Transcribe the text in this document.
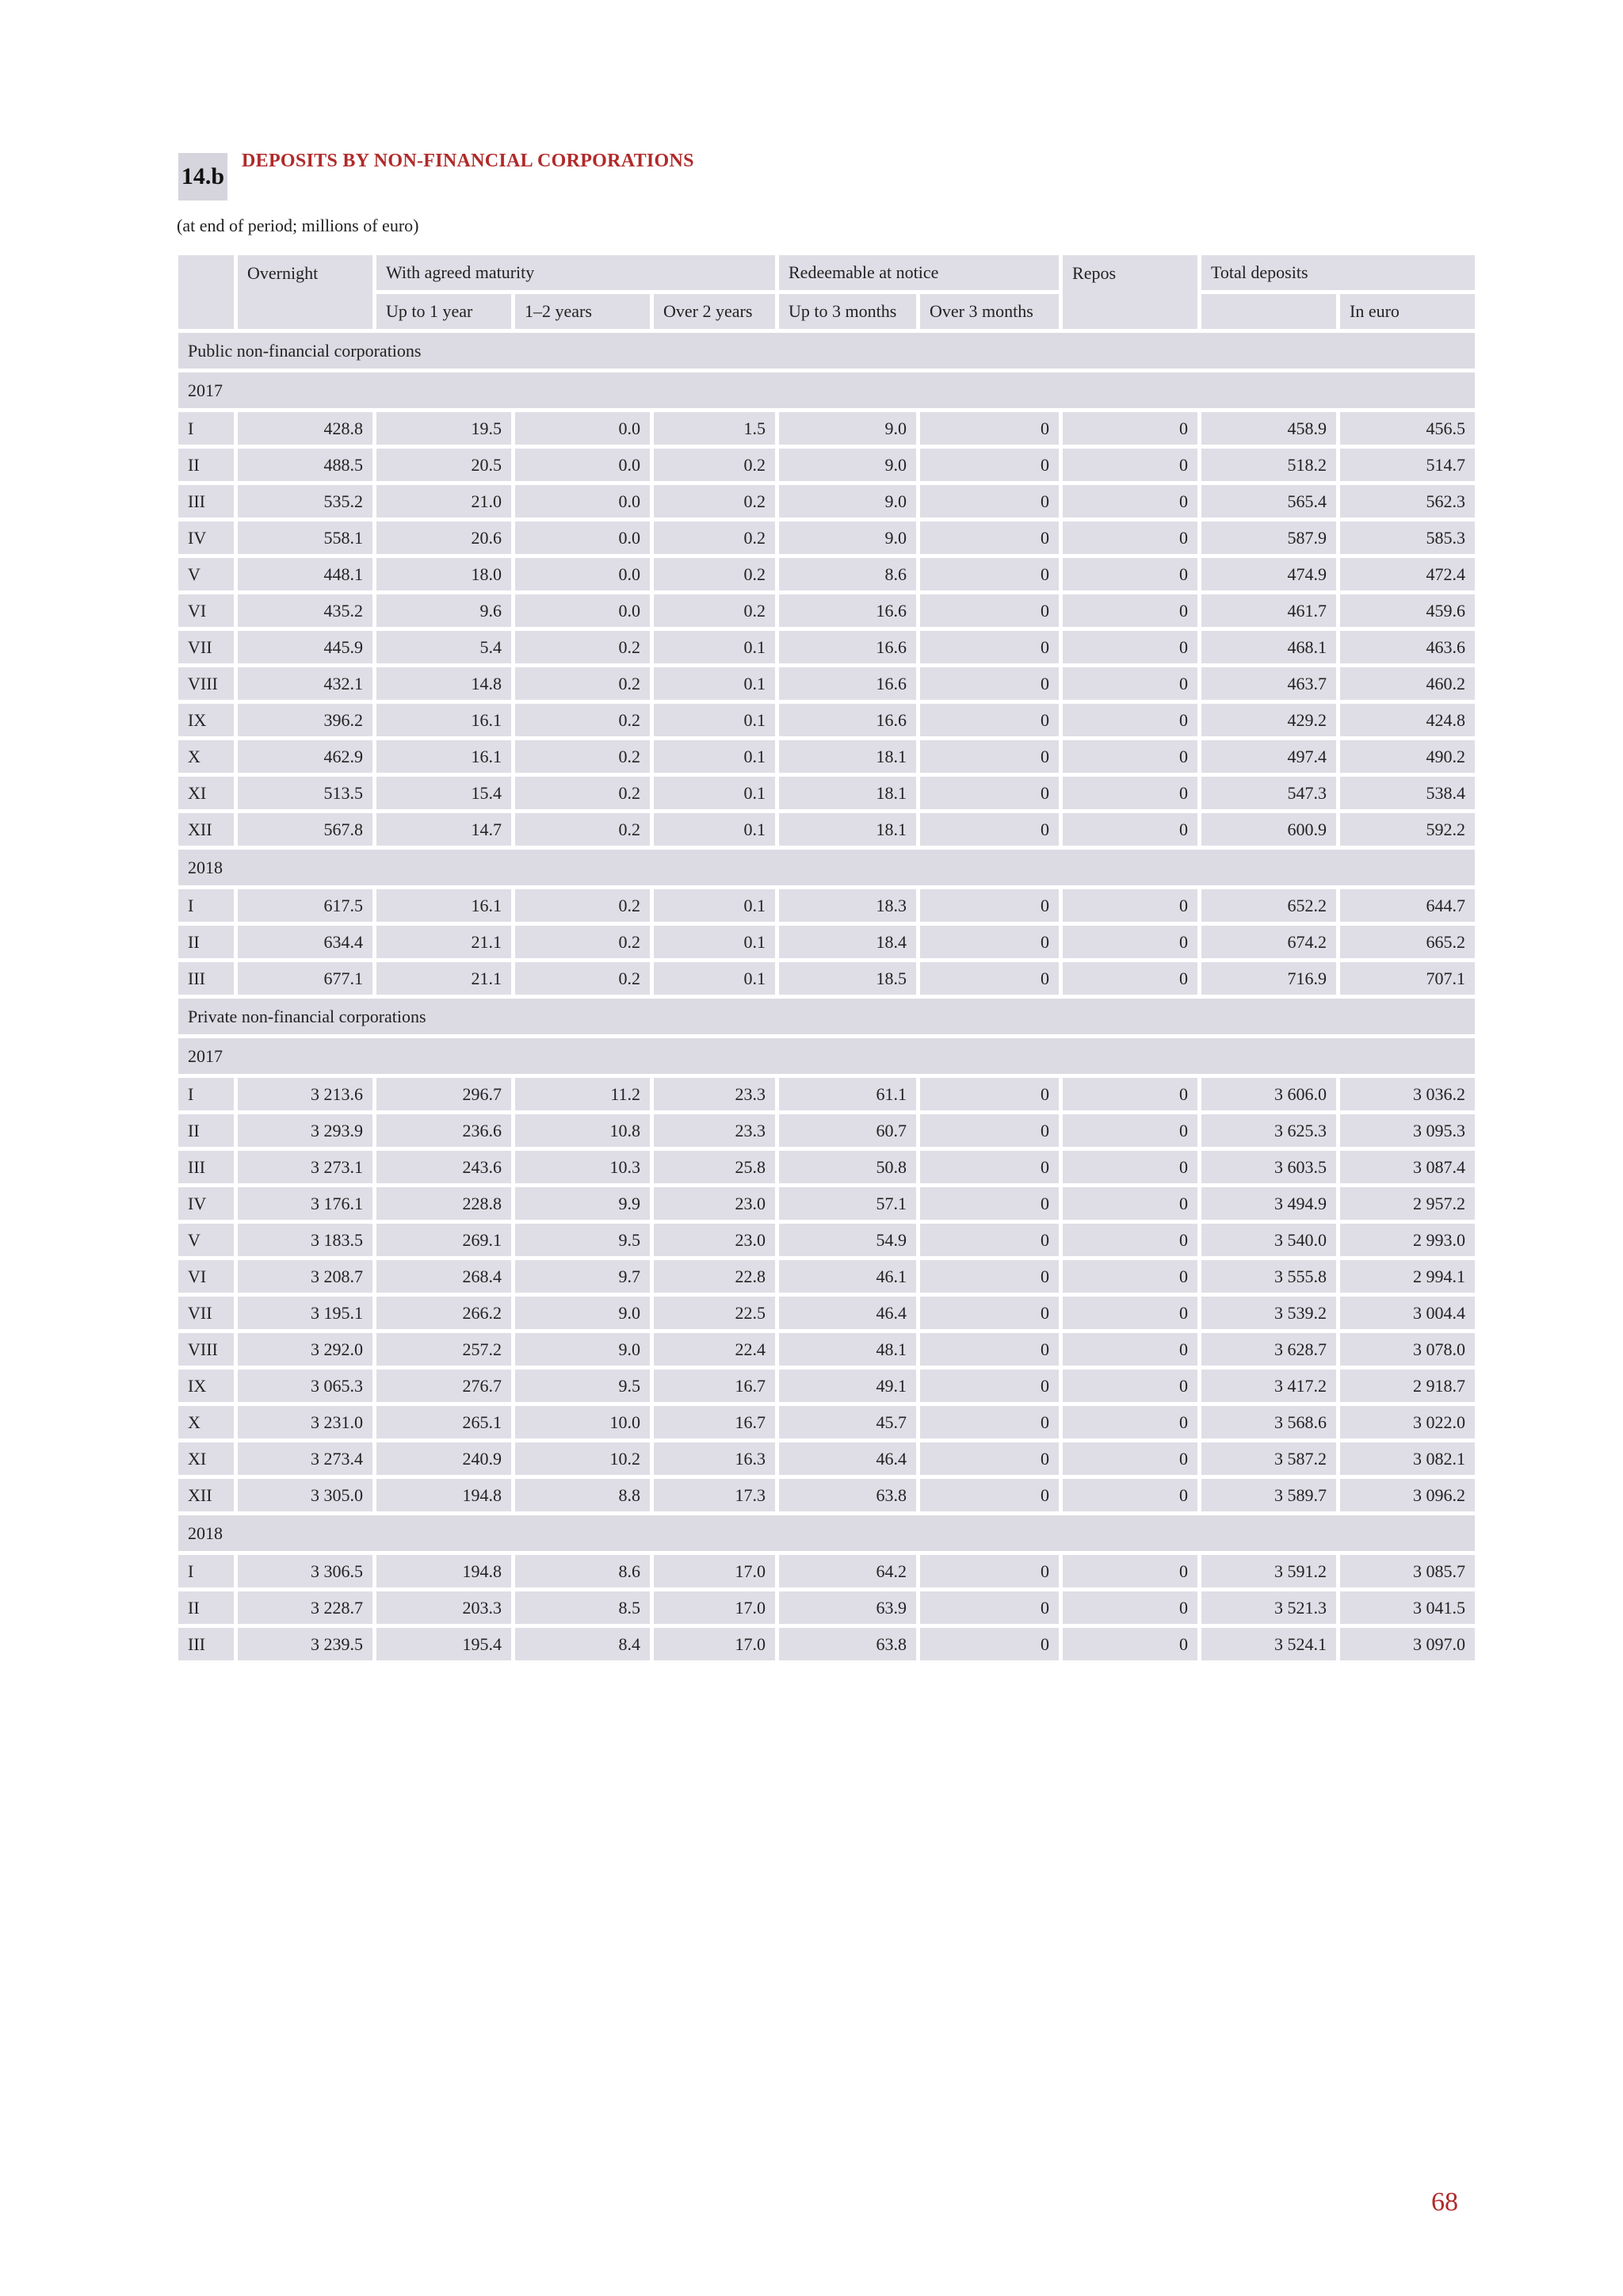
14.b
DEPOSITS BY NON-FINANCIAL CORPORATIONS
(at end of period; millions of euro)
	Overnight	With agreed maturity			Redeemable at notice		Repos	Total deposits	
		Up to 1 year	1–2 years	Over 2 years	Up to 3 months	Over 3 months			In euro
Public non-financial corporations									
2017									
I	428.8	19.5	0.0	1.5	9.0	0	0	458.9	456.5
II	488.5	20.5	0.0	0.2	9.0	0	0	518.2	514.7
III	535.2	21.0	0.0	0.2	9.0	0	0	565.4	562.3
IV	558.1	20.6	0.0	0.2	9.0	0	0	587.9	585.3
V	448.1	18.0	0.0	0.2	8.6	0	0	474.9	472.4
VI	435.2	9.6	0.0	0.2	16.6	0	0	461.7	459.6
VII	445.9	5.4	0.2	0.1	16.6	0	0	468.1	463.6
VIII	432.1	14.8	0.2	0.1	16.6	0	0	463.7	460.2
IX	396.2	16.1	0.2	0.1	16.6	0	0	429.2	424.8
X	462.9	16.1	0.2	0.1	18.1	0	0	497.4	490.2
XI	513.5	15.4	0.2	0.1	18.1	0	0	547.3	538.4
XII	567.8	14.7	0.2	0.1	18.1	0	0	600.9	592.2
2018									
I	617.5	16.1	0.2	0.1	18.3	0	0	652.2	644.7
II	634.4	21.1	0.2	0.1	18.4	0	0	674.2	665.2
III	677.1	21.1	0.2	0.1	18.5	0	0	716.9	707.1
Private non-financial corporations									
2017									
I	3 213.6	296.7	11.2	23.3	61.1	0	0	3 606.0	3 036.2
II	3 293.9	236.6	10.8	23.3	60.7	0	0	3 625.3	3 095.3
III	3 273.1	243.6	10.3	25.8	50.8	0	0	3 603.5	3 087.4
IV	3 176.1	228.8	9.9	23.0	57.1	0	0	3 494.9	2 957.2
V	3 183.5	269.1	9.5	23.0	54.9	0	0	3 540.0	2 993.0
VI	3 208.7	268.4	9.7	22.8	46.1	0	0	3 555.8	2 994.1
VII	3 195.1	266.2	9.0	22.5	46.4	0	0	3 539.2	3 004.4
VIII	3 292.0	257.2	9.0	22.4	48.1	0	0	3 628.7	3 078.0
IX	3 065.3	276.7	9.5	16.7	49.1	0	0	3 417.2	2 918.7
X	3 231.0	265.1	10.0	16.7	45.7	0	0	3 568.6	3 022.0
XI	3 273.4	240.9	10.2	16.3	46.4	0	0	3 587.2	3 082.1
XII	3 305.0	194.8	8.8	17.3	63.8	0	0	3 589.7	3 096.2
2018									
I	3 306.5	194.8	8.6	17.0	64.2	0	0	3 591.2	3 085.7
II	3 228.7	203.3	8.5	17.0	63.9	0	0	3 521.3	3 041.5
III	3 239.5	195.4	8.4	17.0	63.8	0	0	3 524.1	3 097.0
68
